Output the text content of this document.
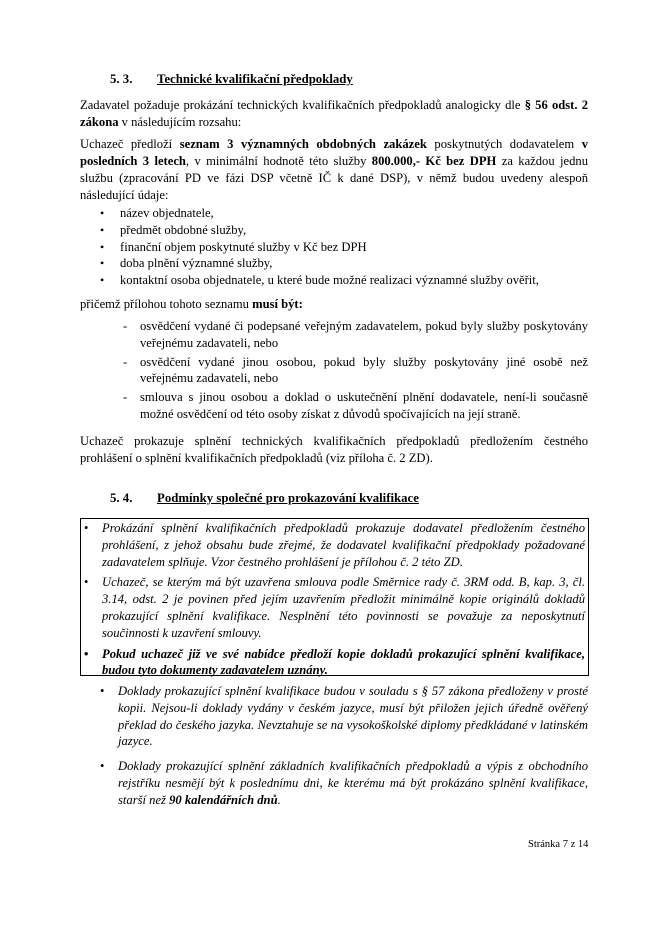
5. 3. Technické kvalifikační předpoklady
Zadavatel požaduje prokázání technických kvalifikačních předpokladů analogicky dle § 56 odst. 2 zákona v následujícím rozsahu:
Uchazeč předloží seznam 3 významných obdobných zakázek poskytnutých dodavatelem v posledních 3 letech, v minimální hodnotě této služby 800.000,- Kč bez DPH za každou jednu službu (zpracování PD ve fázi DSP včetně IČ k dané DSP), v němž budou uvedeny alespoň následující údaje:
• název objednatele,
• předmět obdobné služby,
• finanční objem poskytnuté služby v Kč bez DPH
• doba plnění významné služby,
• kontaktní osoba objednatele, u které bude možné realizaci významné služby ověřit,
přičemž přílohou tohoto seznamu musí být:
- osvědčení vydané či podepsané veřejným zadavatelem, pokud byly služby poskytovány veřejnému zadavateli, nebo
- osvědčení vydané jinou osobou, pokud byly služby poskytovány jiné osobě než veřejnému zadavateli, nebo
- smlouva s jinou osobou a doklad o uskutečnění plnění dodavatele, není-li současně možné osvědčení od této osoby získat z důvodů spočívajících na její straně.
Uchazeč prokazuje splnění technických kvalifikačních předpokladů předložením čestného prohlášení o splnění kvalifikačních předpokladů (viz příloha č. 2 ZD).
5. 4. Podmínky společné pro prokazování kvalifikace
• Prokázání splnění kvalifikačních předpokladů prokazuje dodavatel předložením čestného prohlášení, z jehož obsahu bude zřejmé, že dodavatel kvalifikační předpoklady požadované zadavatelem splňuje. Vzor čestného prohlášení je přílohou č. 2 této ZD.
• Uchazeč, se kterým má být uzavřena smlouva podle Směrnice rady č. 3RM odd. B, kap. 3, čl. 3.14, odst. 2 je povinen před jejím uzavřením předložit minimálně kopie originálů dokladů prokazující splnění kvalifikace. Nesplnění této povinnosti se považuje za neposkytnutí součinnosti k uzavření smlouvy.
• Pokud uchazeč již ve své nabídce předloží kopie dokladů prokazující splnění kvalifikace, budou tyto dokumenty zadavatelem uznány.
• Doklady prokazující splnění kvalifikace budou v souladu s § 57 zákona předloženy v prosté kopii. Nejsou-li doklady vydány v českém jazyce, musí být přiložen jejich úředně ověřený překlad do českého jazyka. Nevztahuje se na vysokoškolské diplomy předkládané v latinském jazyce.
• Doklady prokazující splnění základních kvalifikačních předpokladů a výpis z obchodního rejstříku nesmějí být k poslednímu dni, ke kterému má být prokázáno splnění kvalifikace, starší než 90 kalendářních dnů.
Stránka 7 z 14
